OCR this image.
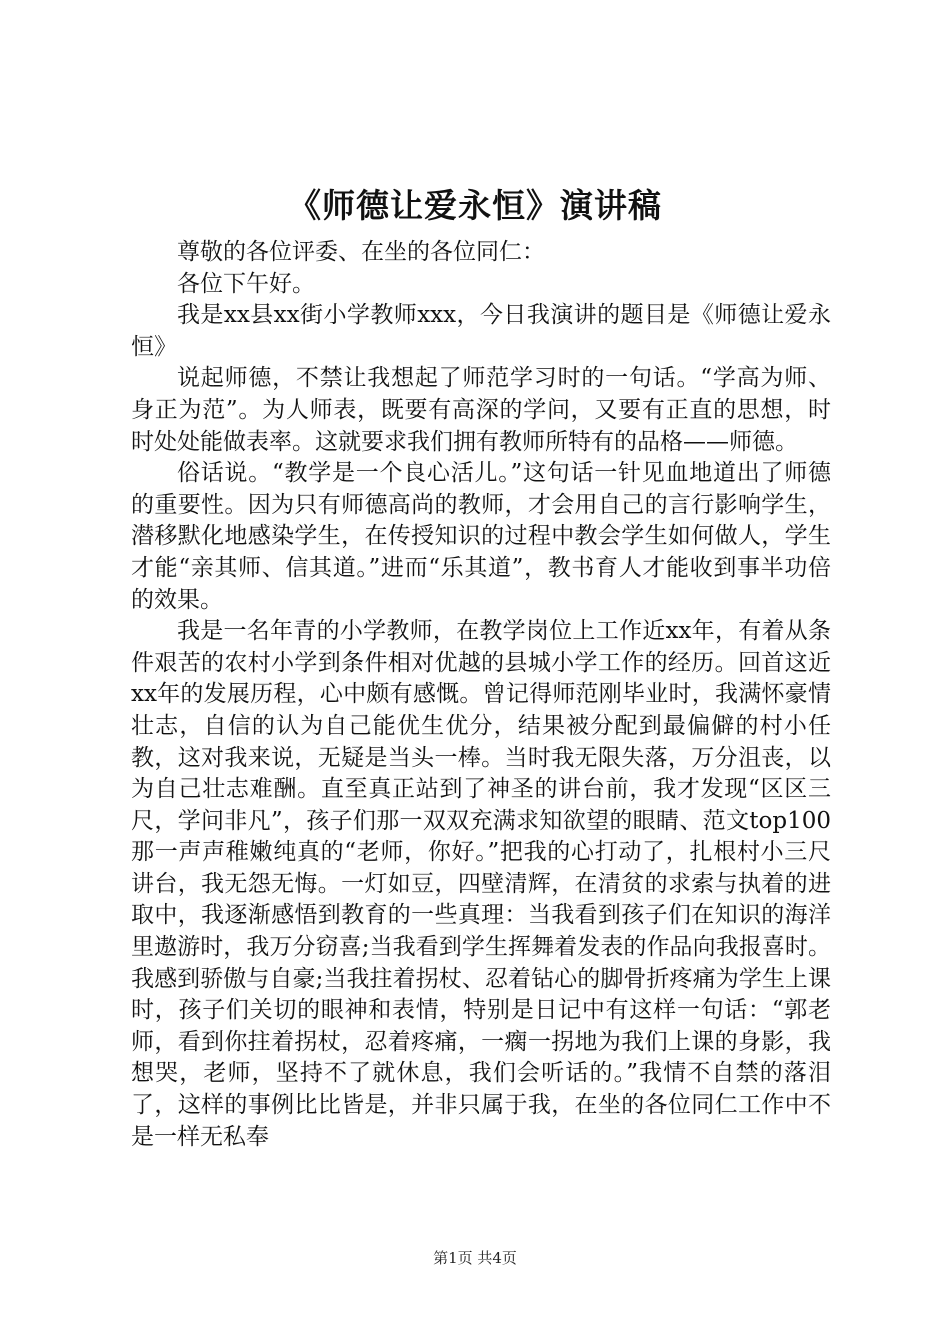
《师德让爱永恒》演讲稿

尊敬的各位评委、在坐的各位同仁：

各位下午好。

我是xx县xx街小学教师xxx，今日我演讲的题目是《师德让爱永恒》

说起师德，不禁让我想起了师范学习时的一句话。“学高为师、身正为范”。为人师表，既要有高深的学问，又要有正直的思想，时时处处能做表率。这就要求我们拥有教师所特有的品格——师德。

俗话说。“教学是一个良心活儿。”这句话一针见血地道出了师德的重要性。因为只有师德高尚的教师，才会用自己的言行影响学生，潜移默化地感染学生，在传授知识的过程中教会学生如何做人，学生才能“亲其师、信其道。”进而“乐其道”，教书育人才能收到事半功倍的效果。

我是一名年青的小学教师，在教学岗位上工作近xx年，有着从条件艰苦的农村小学到条件相对优越的县城小学工作的经历。回首这近xx年的发展历程，心中颇有感慨。曾记得师范刚毕业时，我满怀豪情壮志，自信的认为自己能优生优分，结果被分配到最偏僻的村小任教，这对我来说，无疑是当头一棒。当时我无限失落，万分沮丧，以为自己壮志难酬。直至真正站到了神圣的讲台前，我才发现“区区三尺，学问非凡”，孩子们那一双双充满求知欲望的眼睛、范文top100那一声声稚嫩纯真的“老师，你好。”把我的心打动了，扎根村小三尺讲台，我无怨无悔。一灯如豆，四壁清辉，在清贫的求索与执着的进取中，我逐渐感悟到教育的一些真理：当我看到孩子们在知识的海洋里遨游时，我万分窃喜;当我看到学生挥舞着发表的作品向我报喜时。我感到骄傲与自豪;当我拄着拐杖、忍着钻心的脚骨折疼痛为学生上课时，孩子们关切的眼神和表情，特别是日记中有这样一句话：“郭老师，看到你拄着拐杖，忍着疼痛，一瘸一拐地为我们上课的身影，我想哭，老师，坚持不了就休息，我们会听话的。”我情不自禁的落泪了，这样的事例比比皆是，并非只属于我，在坐的各位同仁工作中不是一样无私奉

第1页 共4页
